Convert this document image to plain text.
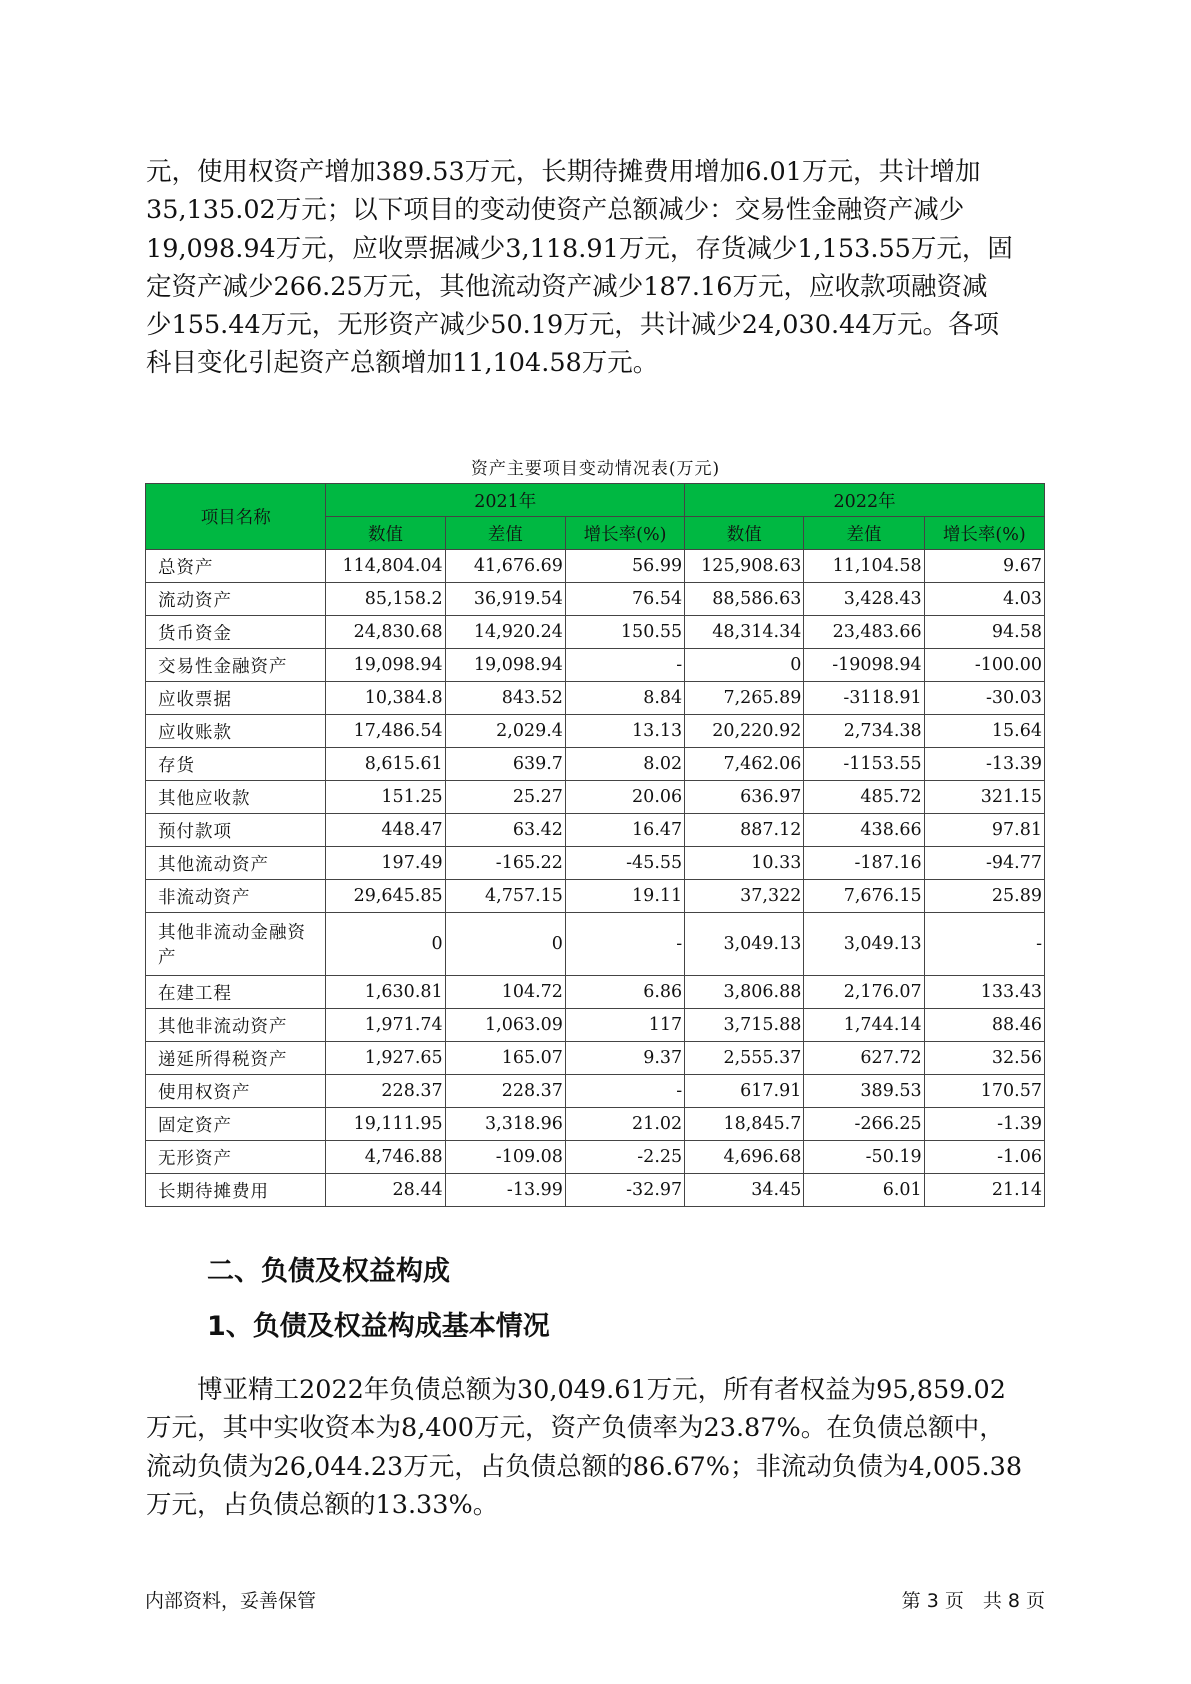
元，使用权资产增加389.53万元，长期待摊费用增加6.01万元，共计增加
35,135.02万元；以下项目的变动使资产总额减少：交易性金融资产减少
19,098.94万元，应收票据减少3,118.91万元，存货减少1,153.55万元，固
定资产减少266.25万元，其他流动资产减少187.16万元，应收款项融资减
少155.44万元，无形资产减少50.19万元，共计减少24,030.44万元。各项
科目变化引起资产总额增加11,104.58万元。
资产主要项目变动情况表(万元)
项目名称	2021年			2022年		
	数值	差值	增长率(%)	数值	差值	增长率(%)
总资产	114,804.04	41,676.69	56.99	125,908.63	11,104.58	9.67
流动资产	85,158.2	36,919.54	76.54	88,586.63	3,428.43	4.03
货币资金	24,830.68	14,920.24	150.55	48,314.34	23,483.66	94.58
交易性金融资产	19,098.94	19,098.94	-	0	-19098.94	-100.00
应收票据	10,384.8	843.52	8.84	7,265.89	-3118.91	-30.03
应收账款	17,486.54	2,029.4	13.13	20,220.92	2,734.38	15.64
存货	8,615.61	639.7	8.02	7,462.06	-1153.55	-13.39
其他应收款	151.25	25.27	20.06	636.97	485.72	321.15
预付款项	448.47	63.42	16.47	887.12	438.66	97.81
其他流动资产	197.49	-165.22	-45.55	10.33	-187.16	-94.77
非流动资产	29,645.85	4,757.15	19.11	37,322	7,676.15	25.89
其他非流动金融资产	0	0	-	3,049.13	3,049.13	-
在建工程	1,630.81	104.72	6.86	3,806.88	2,176.07	133.43
其他非流动资产	1,971.74	1,063.09	117	3,715.88	1,744.14	88.46
递延所得税资产	1,927.65	165.07	9.37	2,555.37	627.72	32.56
使用权资产	228.37	228.37	-	617.91	389.53	170.57
固定资产	19,111.95	3,318.96	21.02	18,845.7	-266.25	-1.39
无形资产	4,746.88	-109.08	-2.25	4,696.68	-50.19	-1.06
长期待摊费用	28.44	-13.99	-32.97	34.45	6.01	21.14
二、负债及权益构成
1、负债及权益构成基本情况
　　博亚精工2022年负债总额为30,049.61万元，所有者权益为95,859.02
万元，其中实收资本为8,400万元，资产负债率为23.87%。在负债总额中，
流动负债为26,044.23万元，占负债总额的86.67%；非流动负债为4,005.38
万元，占负债总额的13.33%。
内部资料，妥善保管	第 3 页　共 8 页
